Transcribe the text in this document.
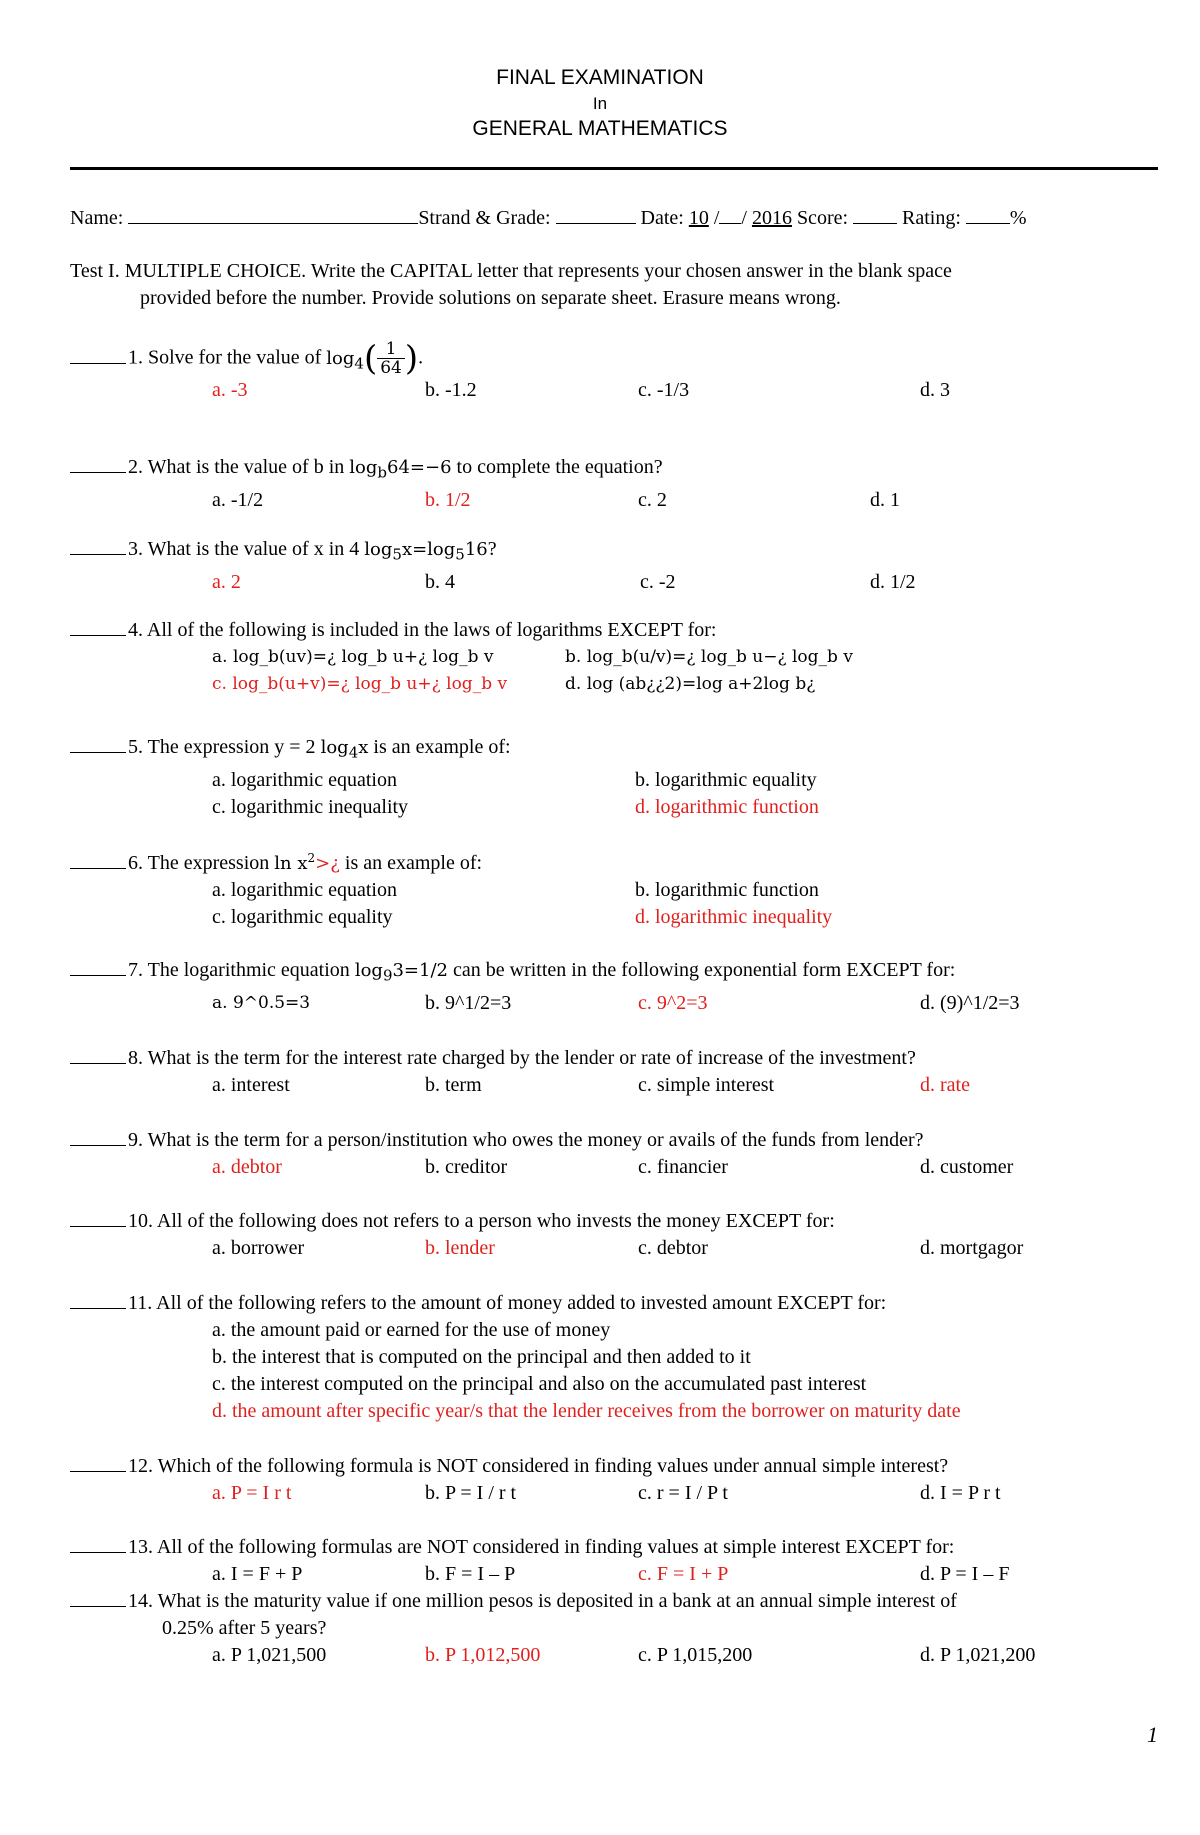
FINAL EXAMINATION
In
GENERAL MATHEMATICS
Name:	Strand & Grade:	Date: 10 / / 2016 Score:	Rating: %
Test I. MULTIPLE CHOICE. Write the CAPITAL letter that represents your chosen answer in the blank space
provided before the number. Provide solutions on separate sheet. Erasure means wrong.
1. Solve for the value of $\log_4( \frac{1}{64}$ ).
a. -3	b. -1.2	c. -1/3	d. 3
2. What is the value of b in $\log_b64=-6$ to complete the equation?
a. -1/2	b. 1/2	c. 2	d. 1
3. What is the value of x in 4 $\log_5x=\log_516$?
a. 2	b. 4	c. -2	d. 1/2
4. All of the following is included in the laws of logarithms EXCEPT for:
a. log_b(uv)=¿ log_b u+¿ log_b v	b. log_b(u/v)=¿ log_b u−¿ log_b v
c. log_b(u+v)=¿ log_b u+¿ log_b v	d. log (ab¿¿2)=log a+2log b¿
5. The expression y = 2 $\log_4x$ is an example of:
a. logarithmic equation	b. logarithmic equality
c. logarithmic inequality	d. logarithmic function
6. The expression $\ln x^2>¿$ is an example of:
a. logarithmic equation	b. logarithmic function
c. logarithmic equality	d. logarithmic inequality
7. The logarithmic equation $\log_93=1/2$ can be written in the following exponential form EXCEPT for:
a. 9^0.5=3	b. 9^1/2=3	c. 9^2=3	d. (9)^1/2=3
8. What is the term for the interest rate charged by the lender or rate of increase of the investment?
a. interest	b. term	c. simple interest	d. rate
9. What is the term for a person/institution who owes the money or avails of the funds from lender?
a. debtor	b. creditor	c. financier	d. customer
10. All of the following does not refers to a person who invests the money EXCEPT for:
a. borrower	b. lender	c. debtor	d. mortgagor
11. All of the following refers to the amount of money added to invested amount EXCEPT for:
a. the amount paid or earned for the use of money
b. the interest that is computed on the principal and then added to it
c. the interest computed on the principal and also on the accumulated past interest
d. the amount after specific year/s that the lender receives from the borrower on maturity date
12. Which of the following formula is NOT considered in finding values under annual simple interest?
a. P = I r t	b. P = I / r t	c. r = I / P t	d. I = P r t
13. All of the following formulas are NOT considered in finding values at simple interest EXCEPT for:
a. I = F + P	b. F = I – P	c. F = I + P	d. P = I – F
14. What is the maturity value if one million pesos is deposited in a bank at an annual simple interest of
0.25% after 5 years?
a. P 1,021,500	b. P 1,012,500	c. P 1,015,200	d. P 1,021,200
1
